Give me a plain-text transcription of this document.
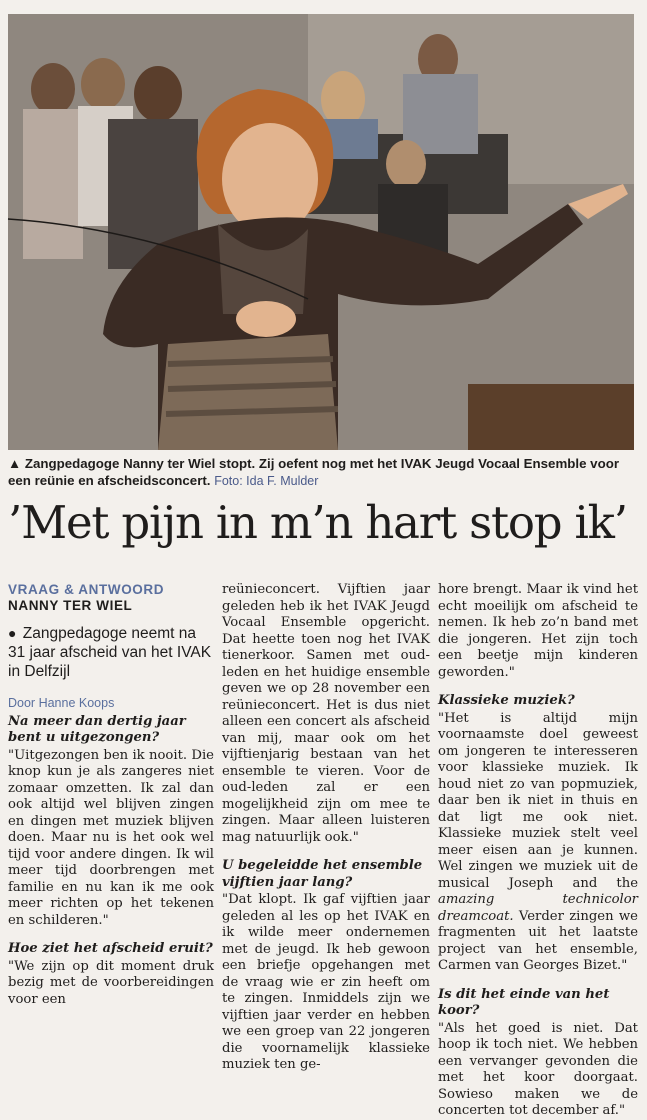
▲ Zangpedagoge Nanny ter Wiel stopt. Zij oefent nog met het IVAK Jeugd Vocaal Ensemble voor een reünie en afscheidsconcert. Foto: Ida F. Mulder
’Met pijn in m’n hart stop ik’
VRAAG & ANTWOORD
NANNY TER WIEL
● Zangpedagoge neemt na 31 jaar afscheid van het IVAK in Delfzijl
Door Hanne Koops
Na meer dan dertig jaar bent u uitgezongen?

"Uitgezongen ben ik nooit. Die knop kun je als zangeres niet zomaar omzetten. Ik zal dan ook altijd wel blijven zingen en dingen met muziek blijven doen. Maar nu is het ook wel tijd voor andere dingen. Ik wil meer tijd doorbrengen met familie en nu kan ik me ook meer richten op het tekenen en schilderen."

Hoe ziet het afscheid eruit?

"We zijn op dit moment druk bezig met de voorbereidingen voor een

reünieconcert. Vijftien jaar geleden heb ik het IVAK Jeugd Vocaal Ensemble opgericht. Dat heette toen nog het IVAK tienerkoor. Samen met oud-leden en het huidige ensemble geven we op 28 november een reünieconcert. Het is dus niet alleen een concert als afscheid van mij, maar ook om het vijftienjarig bestaan van het ensemble te vieren. Voor de oud-leden zal er een mogelijkheid zijn om mee te zingen. Maar alleen luisteren mag natuurlijk ook."

U begeleidde het ensemble vijftien jaar lang?

"Dat klopt. Ik gaf vijftien jaar geleden al les op het IVAK en ik wilde meer ondernemen met de jeugd. Ik heb gewoon een briefje opgehangen met de vraag wie er zin heeft om te zingen. Inmiddels zijn we vijftien jaar verder en hebben we een groep van 22 jongeren die voornamelijk klassieke muziek ten ge-

hore brengt. Maar ik vind het echt moeilijk om afscheid te nemen. Ik heb zo’n band met die jongeren. Het zijn toch een beetje mijn kinderen geworden."

Klassieke muziek?

"Het is altijd mijn voornaamste doel geweest om jongeren te interesseren voor klassieke muziek. Ik houd niet zo van popmuziek, daar ben ik niet in thuis en dat ligt me ook niet. Klassieke muziek stelt veel meer eisen aan je kunnen. Wel zingen we muziek uit de musical Joseph and the amazing technicolor dreamcoat. Verder zingen we fragmenten uit het laatste project van het ensemble, Carmen van Georges Bizet."

Is dit het einde van het koor?

"Als het goed is niet. Dat hoop ik toch niet. We hebben een vervanger gevonden die met het koor doorgaat. Sowieso maken we de concerten tot december af."
